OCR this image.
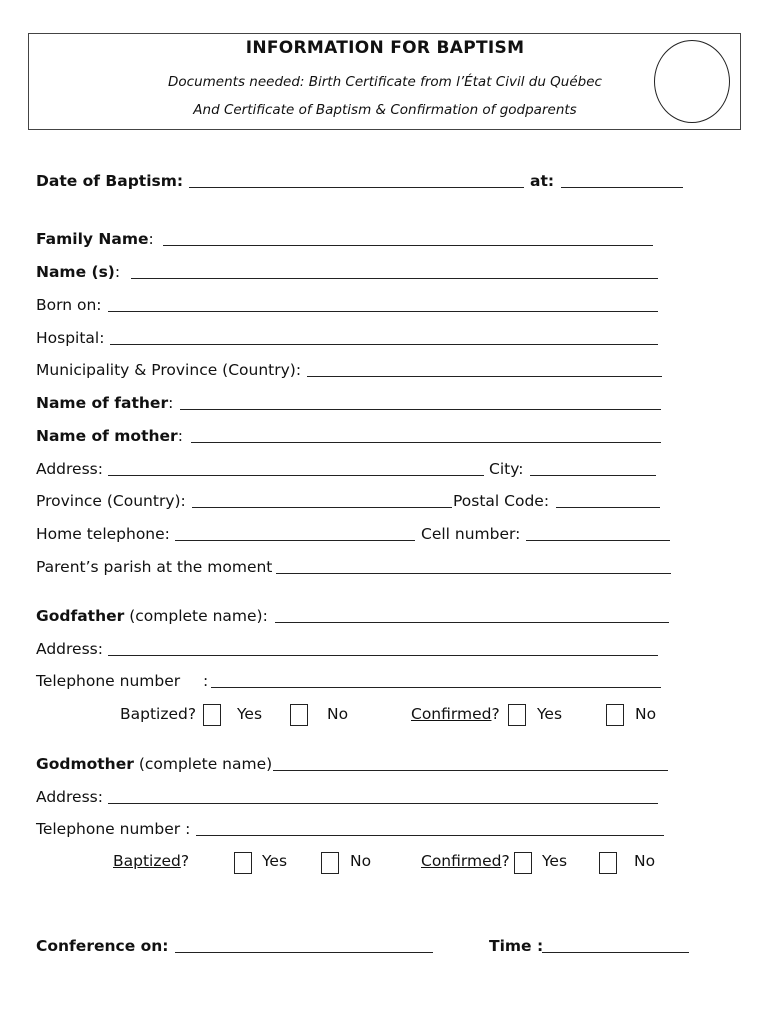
INFORMATION FOR BAPTISM
Documents needed: Birth Certificate from l’État Civil du Québec
And Certificate of Baptism & Confirmation of godparents
Date of Baptism:	at:
Family Name:
Name (s):
Born on:
Hospital:
Municipality & Province (Country):
Name of father:
Name of mother:
Address:	City:
Province (Country):	Postal Code:
Home telephone:	Cell number:
Parent’s parish at the moment
Godfather (complete name):
Address:
Telephone number :
Baptized?	Yes	No	Confirmed? Yes	No
Godmother (complete name)
Address:
Telephone number :
Baptized?	Yes	No	Confirmed? Yes	No
Conference on:	Time :
